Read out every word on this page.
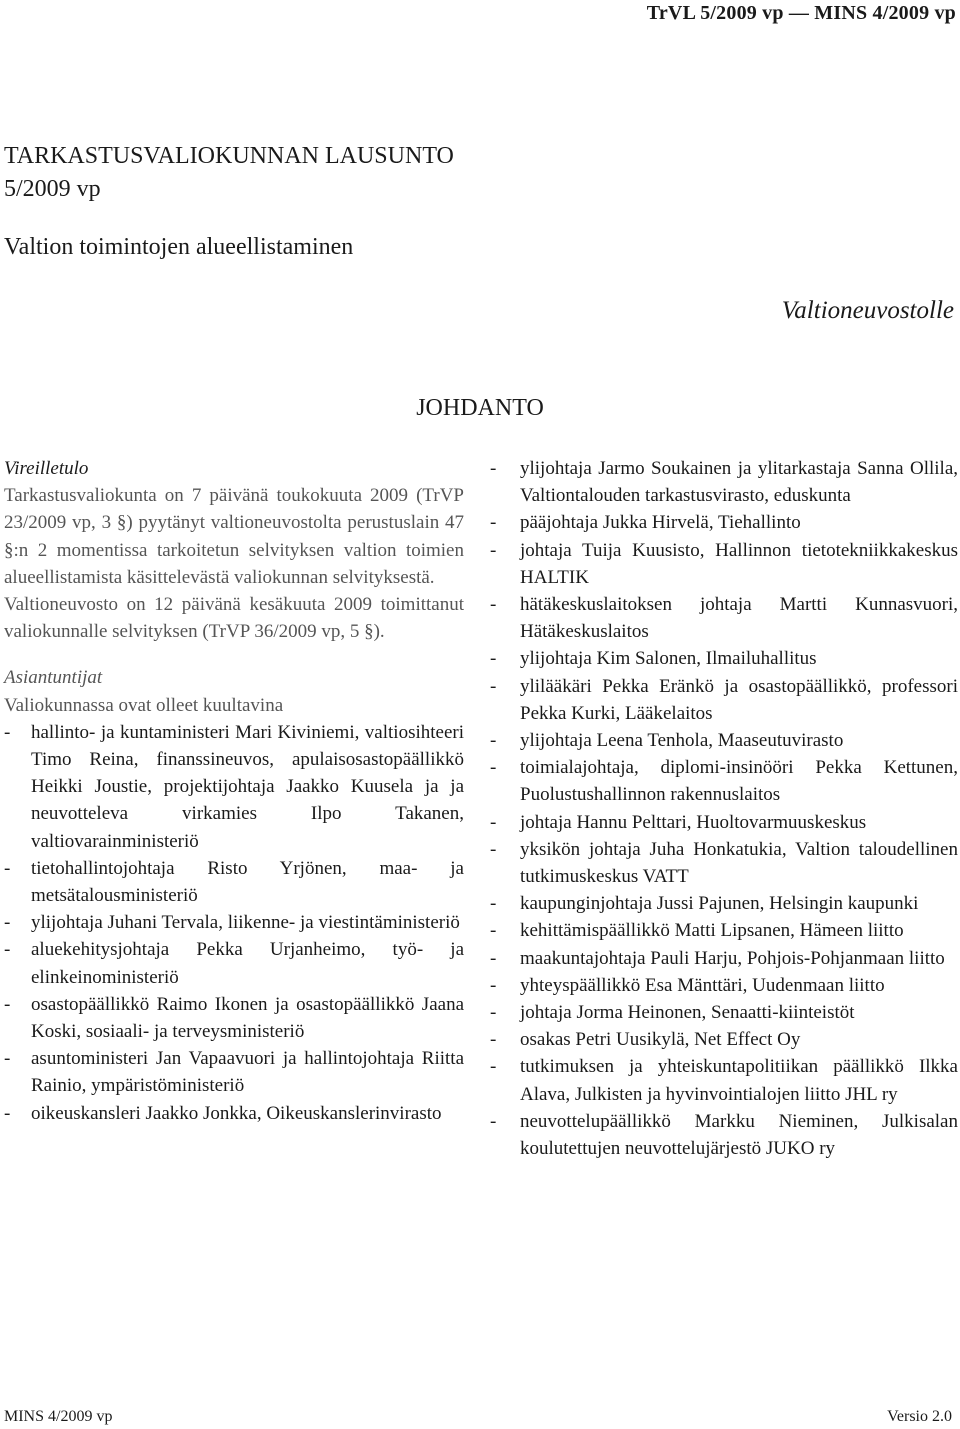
TrVL 5/2009 vp — MINS 4/2009 vp
TARKASTUSVALIOKUNNAN LAUSUNTO
5/2009 vp
Valtion toimintojen alueellistaminen
Valtioneuvostolle
JOHDANTO
Vireilletulo
Tarkastusvaliokunta on 7 päivänä toukokuuta 2009 (TrVP 23/2009 vp, 3 §) pyytänyt valtioneuvostolta perustuslain 47 §:n 2 momentissa tarkoitetun selvityksen valtion toimien alueellistamista käsittelevästä valiokunnan selvityksestä.
Valtioneuvosto on 12 päivänä kesäkuuta 2009 toimittanut valiokunnalle selvityksen (TrVP 36/2009 vp, 5 §).
Asiantuntijat
Valiokunnassa ovat olleet kuultavina
- hallinto- ja kuntaministeri Mari Kiviniemi, valtiosihteeri Timo Reina, finanssineuvos, apulaisosastopäällikkö Heikki Joustie, projektijohtaja Jaakko Kuusela ja ja neuvotteleva virkamies Ilpo Takanen, valtiovarainministeriö
- tietohallintojohtaja Risto Yrjönen, maa- ja metsätalousministeriö
- ylijohtaja Juhani Tervala, liikenne- ja viestintäministeriö
- aluekehitysjohtaja Pekka Urjanheimo, työ- ja elinkeinoministeriö
- osastopäällikkö Raimo Ikonen ja osastopäällikkö Jaana Koski, sosiaali- ja terveysministeriö
- asuntoministeri Jan Vapaavuori ja hallintojohtaja Riitta Rainio, ympäristöministeriö
- oikeuskansleri Jaakko Jonkka, Oikeuskanslerinvirasto
- ylijohtaja Jarmo Soukainen ja ylitarkastaja Sanna Ollila, Valtiontalouden tarkastusvirasto, eduskunta
- pääjohtaja Jukka Hirvelä, Tiehallinto
- johtaja Tuija Kuusisto, Hallinnon tietotekniikkakeskus HALTIK
- hätäkeskuslaitoksen johtaja Martti Kunnasvuori, Hätäkeskuslaitos
- ylijohtaja Kim Salonen, Ilmailuhallitus
- ylilääkäri Pekka Eränkö ja osastopäällikkö, professori Pekka Kurki, Lääkelaitos
- ylijohtaja Leena Tenhola, Maaseutuvirasto
- toimialajohtaja, diplomi-insinööri Pekka Kettunen, Puolustushallinnon rakennuslaitos
- johtaja Hannu Pelttari, Huoltovarmuuskeskus
- yksikön johtaja Juha Honkatukia, Valtion taloudellinen tutkimuskeskus VATT
- kaupunginjohtaja Jussi Pajunen, Helsingin kaupunki
- kehittämispäällikkö Matti Lipsanen, Hämeen liitto
- maakuntajohtaja Pauli Harju, Pohjois-Pohjanmaan liitto
- yhteyspäällikkö Esa Mänttäri, Uudenmaan liitto
- johtaja Jorma Heinonen, Senaatti-kiinteistöt
- osakas Petri Uusikylä, Net Effect Oy
- tutkimuksen ja yhteiskuntapolitiikan päällikkö Ilkka Alava, Julkisten ja hyvinvointialojen liitto JHL ry
- neuvottelupäällikkö Markku Nieminen, Julkisalan koulutettujen neuvottelujärjestö JUKO ry
MINS 4/2009 vp	Versio 2.0
